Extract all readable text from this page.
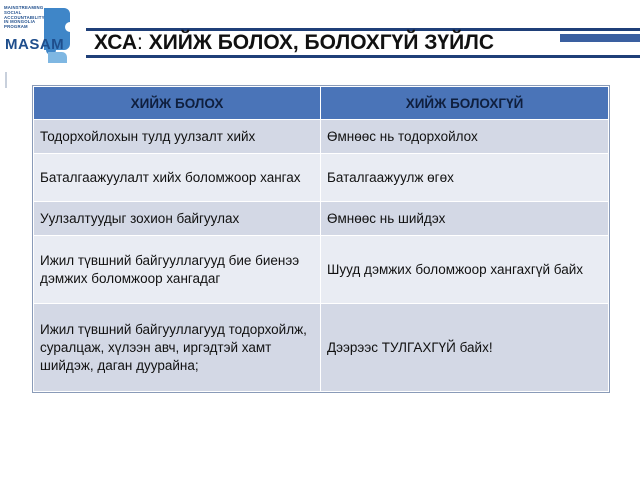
MAINSTREAMING
SOCIAL
ACCOUNTABILITY
IN MONGOLIA
PROGRAM
MASAM ХСА: ХИЙЖ БОЛОХ, БОЛОХГҮЙ ЗҮЙЛС
ХИЙЖ БОЛОХ	ХИЙЖ БОЛОХГҮЙ
Тодорхойлохын тулд уулзалт хийх	Өмнөөс нь тодорхойлох
Баталгаажуулалт хийх боломжоор хангах	Баталгаажуулж өгөх
Уулзалтуудыг зохион байгуулах	Өмнөөс нь шийдэх
Ижил түвшний байгууллагууд бие биенээ дэмжих боломжоор хангадаг	Шууд дэмжих боломжоор хангахгүй байх
Ижил түвшний байгууллагууд тодорхойлж, суралцаж, хүлээн авч, иргэдтэй хамт шийдэж, даган дуурайна;	Дээрээс ТУЛГАХГҮЙ байх!
